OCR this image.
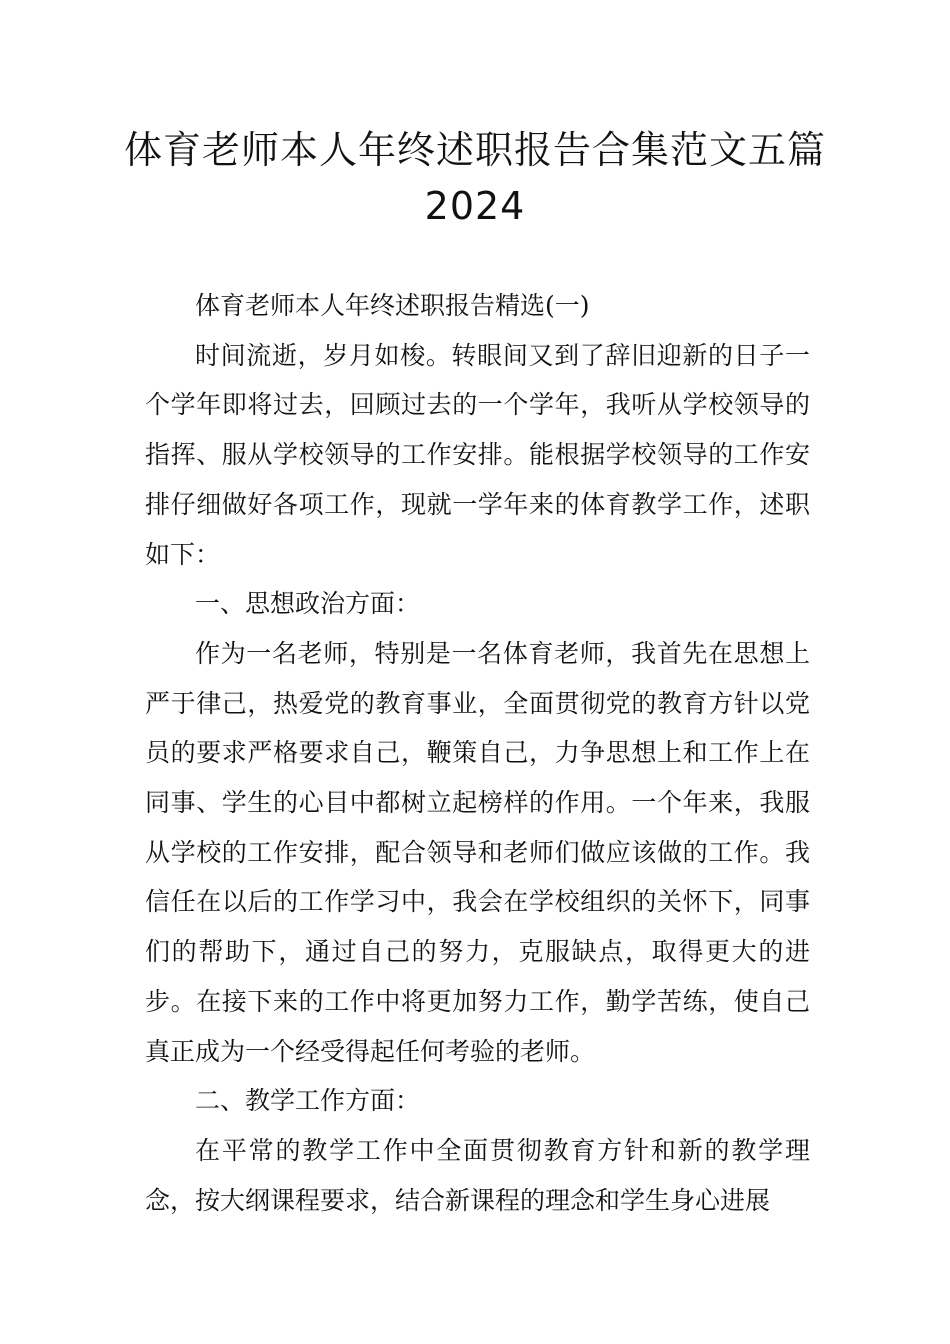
体育老师本人年终述职报告合集范文五篇2024

体育老师本人年终述职报告精选(一)

时间流逝，岁月如梭。转眼间又到了辞旧迎新的日子一个学年即将过去，回顾过去的一个学年，我听从学校领导的指挥、服从学校领导的工作安排。能根据学校领导的工作安排仔细做好各项工作，现就一学年来的体育教学工作，述职如下：

一、思想政治方面：

作为一名老师，特别是一名体育老师，我首先在思想上严于律己，热爱党的教育事业，全面贯彻党的教育方针以党员的要求严格要求自己，鞭策自己，力争思想上和工作上在同事、学生的心目中都树立起榜样的作用。一个年来，我服从学校的工作安排，配合领导和老师们做应该做的工作。我信任在以后的工作学习中，我会在学校组织的关怀下，同事们的帮助下，通过自己的努力，克服缺点，取得更大的进步。在接下来的工作中将更加努力工作，勤学苦练，使自己真正成为一个经受得起任何考验的老师。

二、教学工作方面：

在平常的教学工作中全面贯彻教育方针和新的教学理念，按大纲课程要求，结合新课程的理念和学生身心进展
